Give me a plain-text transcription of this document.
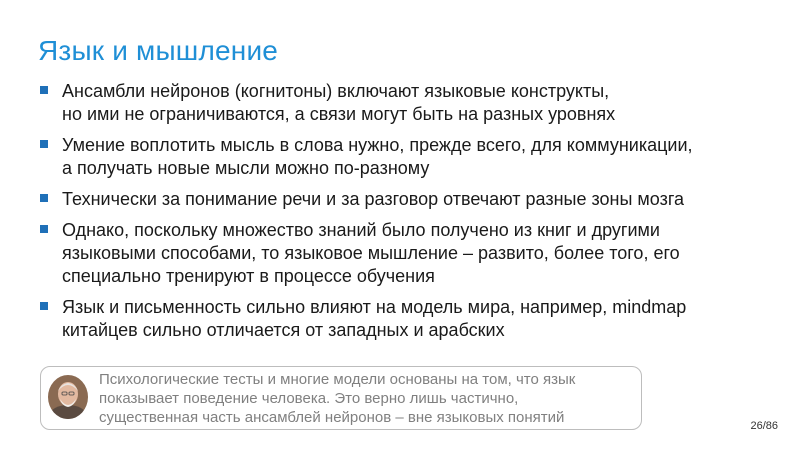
Язык и мышление
Ансамбли нейронов (когнитоны) включают языковые конструкты,
но ими не ограничиваются, а связи могут быть на разных уровнях
Умение воплотить мысль в слова нужно, прежде всего, для коммуникации,
а получать новые мысли можно по-разному
Технически за понимание речи и за разговор отвечают разные зоны мозга
Однако, поскольку множество знаний было получено из книг и другими
языковыми способами, то языковое мышление – развито, более того, его
специально тренируют в процессе обучения
Язык и письменность сильно влияют на модель мира, например, mindmap
китайцев сильно отличается от западных и арабских
Психологические тесты и многие модели основаны на том, что язык
показывает поведение человека. Это верно лишь частично,
существенная часть ансамблей нейронов – вне языковых понятий	26/86
